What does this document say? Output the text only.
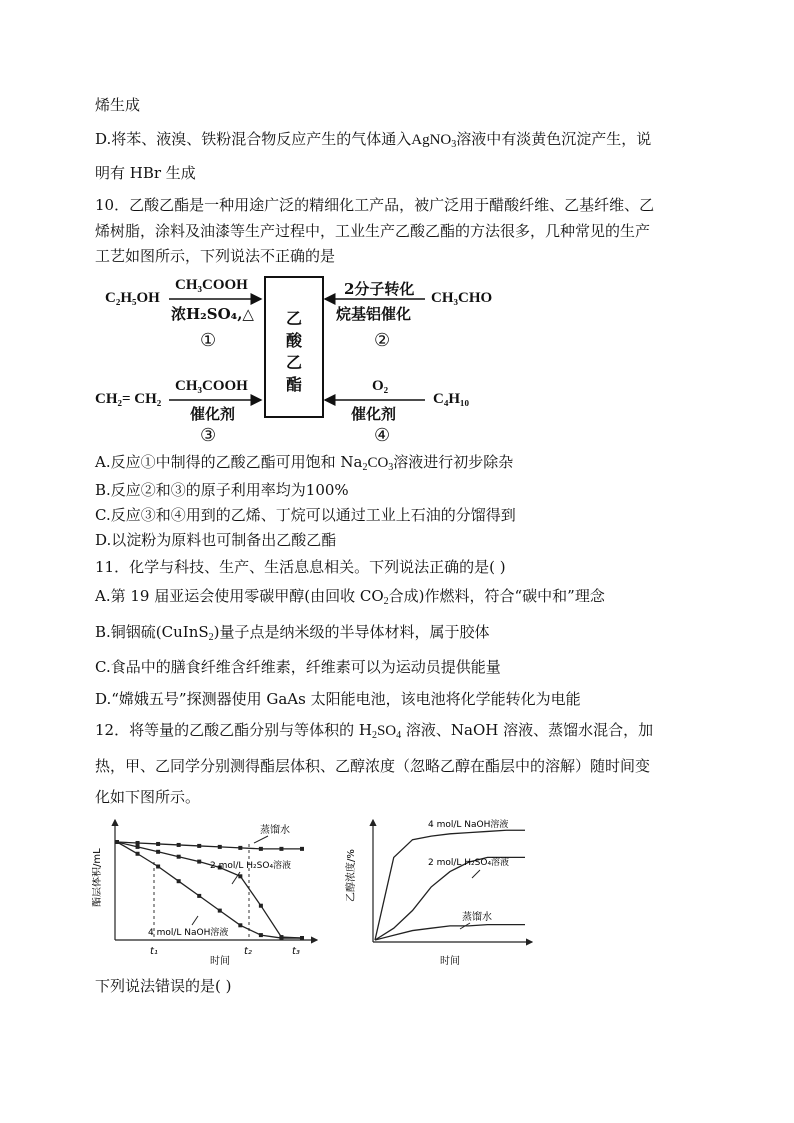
烯生成
D.将苯、液溴、铁粉混合物反应产生的气体通入AgNO$_3$溶液中有淡黄色沉淀产生，说
明有 HBr 生成
10．乙酸乙酯是一种用途广泛的精细化工产品，被广泛用于醋酸纤维、乙基纤维、乙
烯树脂，涂料及油漆等生产过程中，工业生产乙酸乙酯的方法很多，几种常见的生产
工艺如图所示，下列说法不正确的是
C₂H₅OH
CH₃COOH
浓H₂SO₄,△
①
乙
酸
乙
酯
2分子转化
烷基铝催化
CH₃CHO
②
CH₂= CH₂
CH₃COOH
催化剂
③
O₂
催化剂
C₄H₁₀
④
A.反应①中制得的乙酸乙酯可用饱和 $Na_2CO_3$溶液进行初步除杂
B.反应②和③的原子利用率均为100%
C.反应③和④用到的乙烯、丁烷可以通过工业上石油的分馏得到
D.以淀粉为原料也可制备出乙酸乙酯
11．化学与科技、生产、生活息息相关。下列说法正确的是( )
A.第 19 届亚运会使用零碳甲醇(由回收 $CO_2$合成)作燃料，符合“碳中和”理念
B.铜铟硫(CuInS$_2$)量子点是纳米级的半导体材料，属于胶体
C.食品中的膳食纤维含纤维素，纤维素可以为运动员提供能量
D.“嫦娥五号”探测器使用 GaAs 太阳能电池，该电池将化学能转化为电能
12．将等量的乙酸乙酯分别与等体积的 $H_2SO_4$ 溶液、NaOH 溶液、蒸馏水混合，加
热，甲、乙同学分别测得酯层体积、乙醇浓度（忽略乙醇在酯层中的溶解）随时间变
化如下图所示。
酯层体积/mL
时间
t₁	t₂	t₃
蒸馏水
2 mol/L H₂SO₄溶液
4 mol/L NaOH溶液
乙醇浓度/%
时间
4 mol/L NaOH溶液
2 mol/L H₂SO₄溶液
蒸馏水
下列说法错误的是( )
